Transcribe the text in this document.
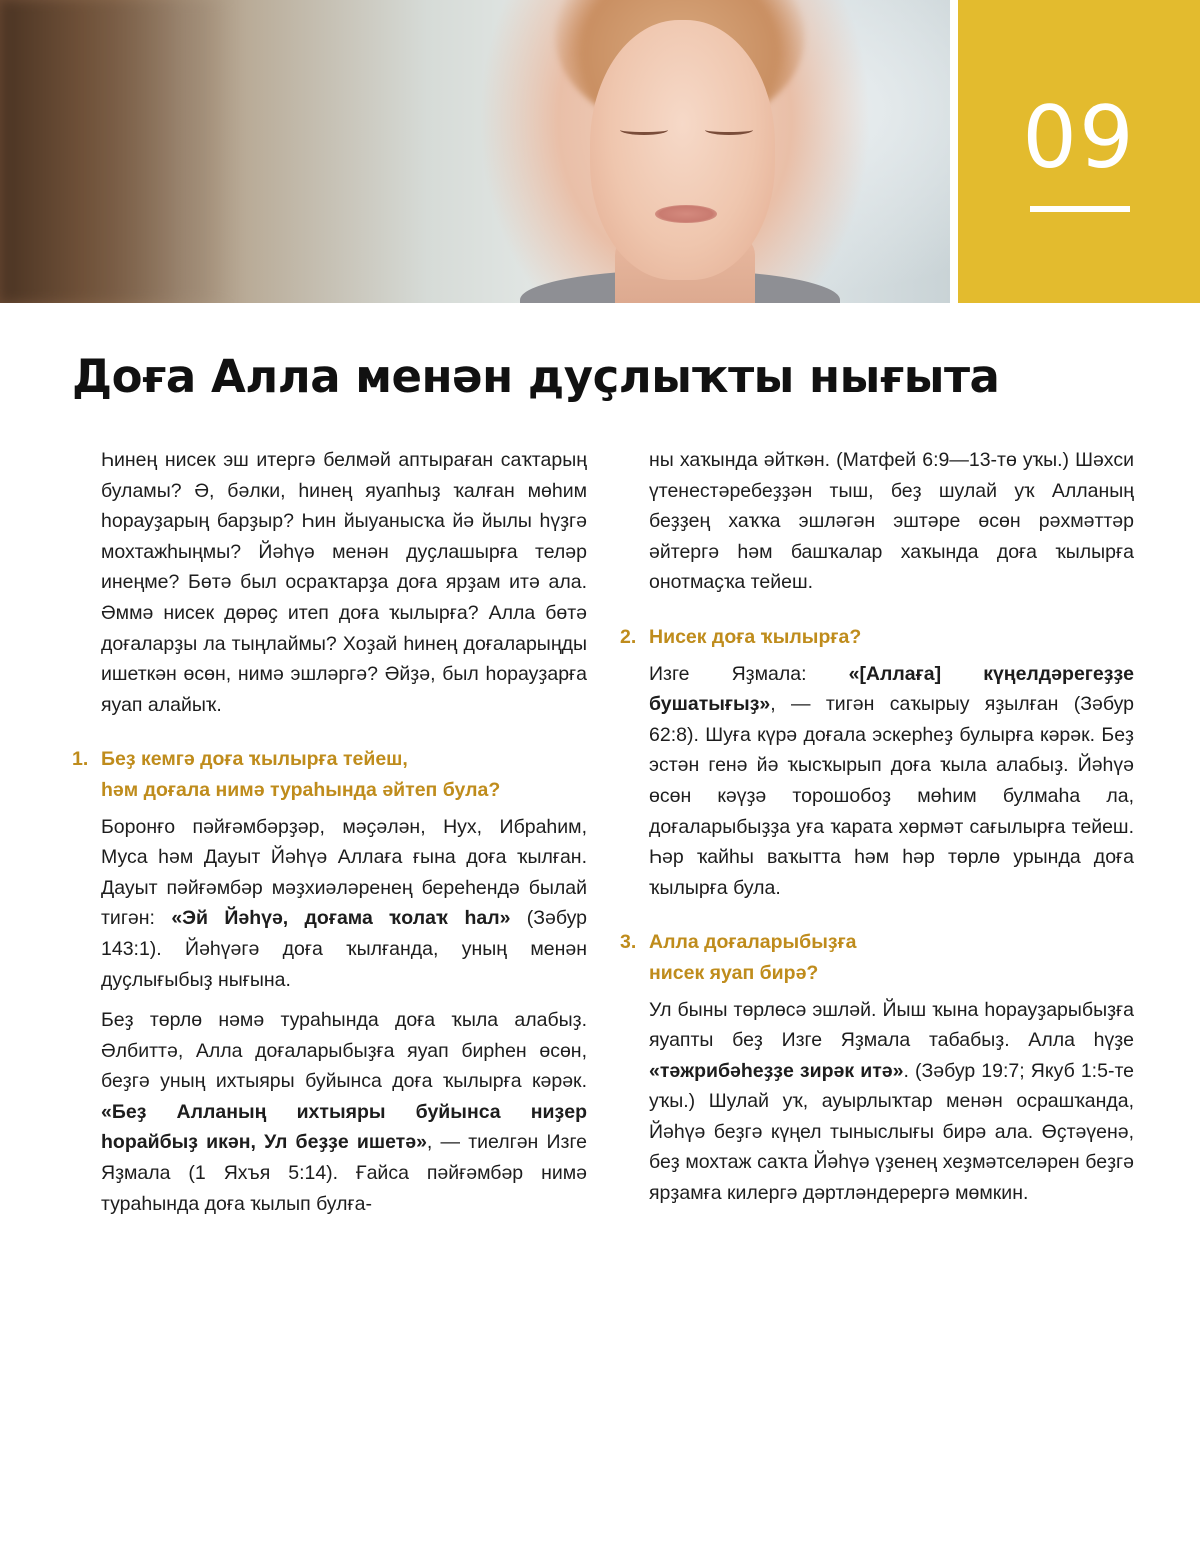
09
Доға Алла менән дуҫлыҡты нығыта

Һинең нисек эш итергә белмәй аптыраған саҡтарың буламы? Ә, бәлки, һинең яуапһыҙ ҡалған мөһим һорауҙарың барҙыр? Һин йыуанысҡа йә йылы һүҙгә мохтажһыңмы? Йәһүә менән дуҫлашырға теләр инеңме? Бөтә был осраҡтарҙа доға ярҙам итә ала. Әммә нисек дөрөҫ итеп доға ҡылырға? Алла бөтә доғаларҙы ла тыңлаймы? Хоҙай һинең доғаларыңды ишеткән өсөн, нимә эшләргә? Әйҙә, был һорауҙарға яуап алайыҡ.

1. Беҙ кемгә доға ҡылырға тейеш,
һәм доғала нимә тураһында әйтеп була?

Боронғо пәйғәмбәрҙәр, мәҫәлән, Нух, Ибраһим, Муса һәм Дауыт Йәһүә Аллаға ғына доға ҡылған. Дауыт пәйғәмбәр мәҙхиәләренең береһендә былай тигән: «Эй Йәһүә, доғама ҡолаҡ һал» (Зәбур 143:1). Йәһүәгә доға ҡылғанда, уның менән дуҫлығыбыҙ нығына.

Беҙ төрлө нәмә тураһында доға ҡыла алабыҙ. Әлбиттә, Алла доғаларыбыҙға яуап бирһен өсөн, беҙгә уның ихтыяры буйынса доға ҡылырға кәрәк. «Беҙ Алланың ихтыяры буйынса ниҙер һорайбыҙ икән, Ул беҙҙе ишетә», — тиелгән Изге Яҙмала (1 Яхъя 5:14). Ғайса пәйғәмбәр нимә тураһында доға ҡылып булға-

ны хаҡында әйткән. (Матфей 6:9—13-тө уҡы.) Шәхси үтенестәребеҙҙән тыш, беҙ шулай уҡ Алланың беҙҙең хаҡҡа эшләгән эштәре өсөн рәхмәттәр әйтергә һәм башҡалар хаҡында доға ҡылырға онотмаҫҡа тейеш.

2. Нисек доға ҡылырға?

Изге Яҙмала: «[Аллаға] күңелдәрегеҙҙе бушатығыҙ», — тигән саҡырыу яҙылған (Зәбур 62:8). Шуға күрә доғала эскерһеҙ булырға кәрәк. Беҙ эстән генә йә ҡысҡырып доға ҡыла алабыҙ. Йәһүә өсөн кәүҙә торошобоҙ мөһим булмаһа ла, доғаларыбыҙҙа уға ҡарата хөрмәт сағылырға тейеш. Һәр ҡайһы ваҡытта һәм һәр төрлө урында доға ҡылырға була.

3. Алла доғаларыбыҙға
нисек яуап бирә?

Ул быны төрлөсә эшләй. Йыш ҡына һорауҙарыбыҙға яуапты беҙ Изге Яҙмала табабыҙ. Алла һүҙе «тәжрибәһеҙҙе зирәк итә». (Зәбур 19:7; Якуб 1:5-те уҡы.) Шулай уҡ, ауырлыҡтар менән осрашҡанда, Йәһүә беҙгә күңел тыныслығы бирә ала. Өҫтәүенә, беҙ мохтаж саҡта Йәһүә үҙенең хеҙмәтселәрен беҙгә ярҙамға килергә дәртләндерергә мөмкин.
